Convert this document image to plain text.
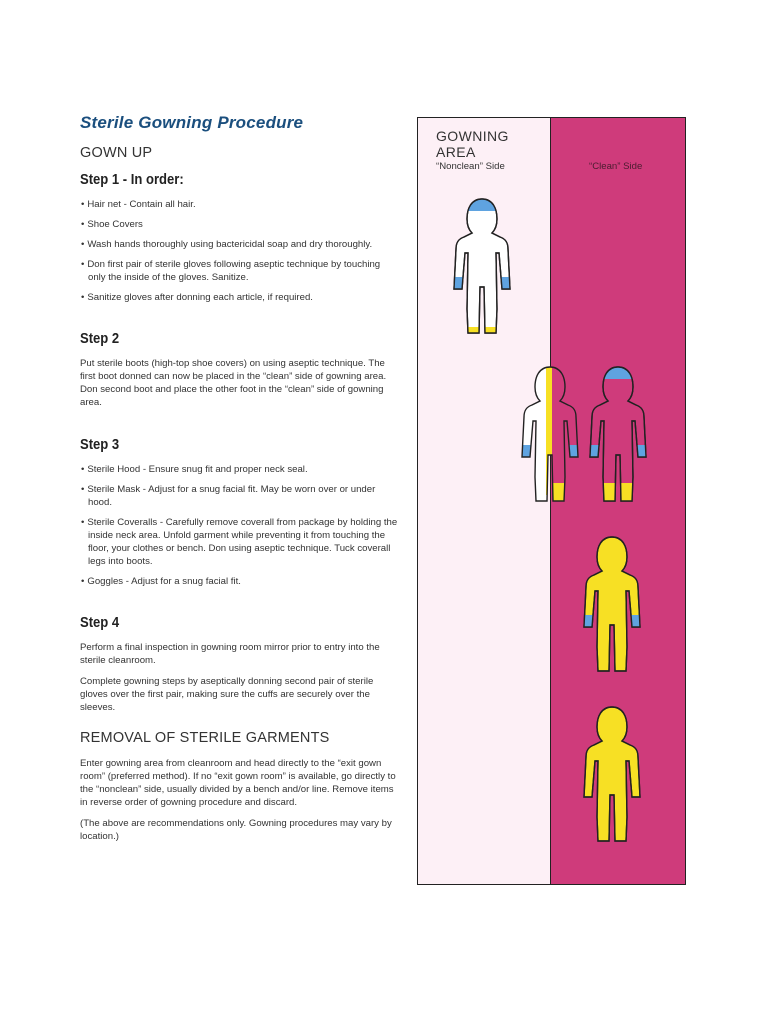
Sterile Gowning Procedure
GOWN UP
Step 1 - In order:
• Hair net - Contain all hair.
• Shoe Covers
• Wash hands thoroughly using bactericidal soap and dry thoroughly.
• Don first pair of sterile gloves following aseptic technique by touching only the inside of the gloves. Sanitize.
• Sanitize gloves after donning each article, if required.
Step 2

Put sterile boots (high-top shoe covers) on using aseptic technique. The first boot donned can now be placed in the “clean” side of gowning area. Don second boot and place the other foot in the “clean” side of gowning area.

Step 3
• Sterile Hood - Ensure snug fit and proper neck seal.
• Sterile Mask - Adjust for a snug facial fit. May be worn over or under hood.
• Sterile Coveralls - Carefully remove coverall from package by holding the inside neck area. Unfold garment while preventing it from touching the floor, your clothes or bench. Don using aseptic technique. Tuck coverall legs into boots.
• Goggles - Adjust for a snug facial fit.
Step 4

Perform a final inspection in gowning room mirror prior to entry into the sterile cleanroom.

Complete gowning steps by aseptically donning second pair of sterile gloves over the first pair, making sure the cuffs are securely over the sleeves.

REMOVAL OF STERILE GARMENTS

Enter gowning area from cleanroom and head directly to the “exit gown room” (preferred method). If no “exit gown room” is available, go directly to the “nonclean” side, usually divided by a bench and/or line. Remove items in reverse order of gowning procedure and discard.

(The above are recommendations only. Gowning procedures may vary by location.)

GOWNING AREA
“Nonclean” Side	“Clean” Side
